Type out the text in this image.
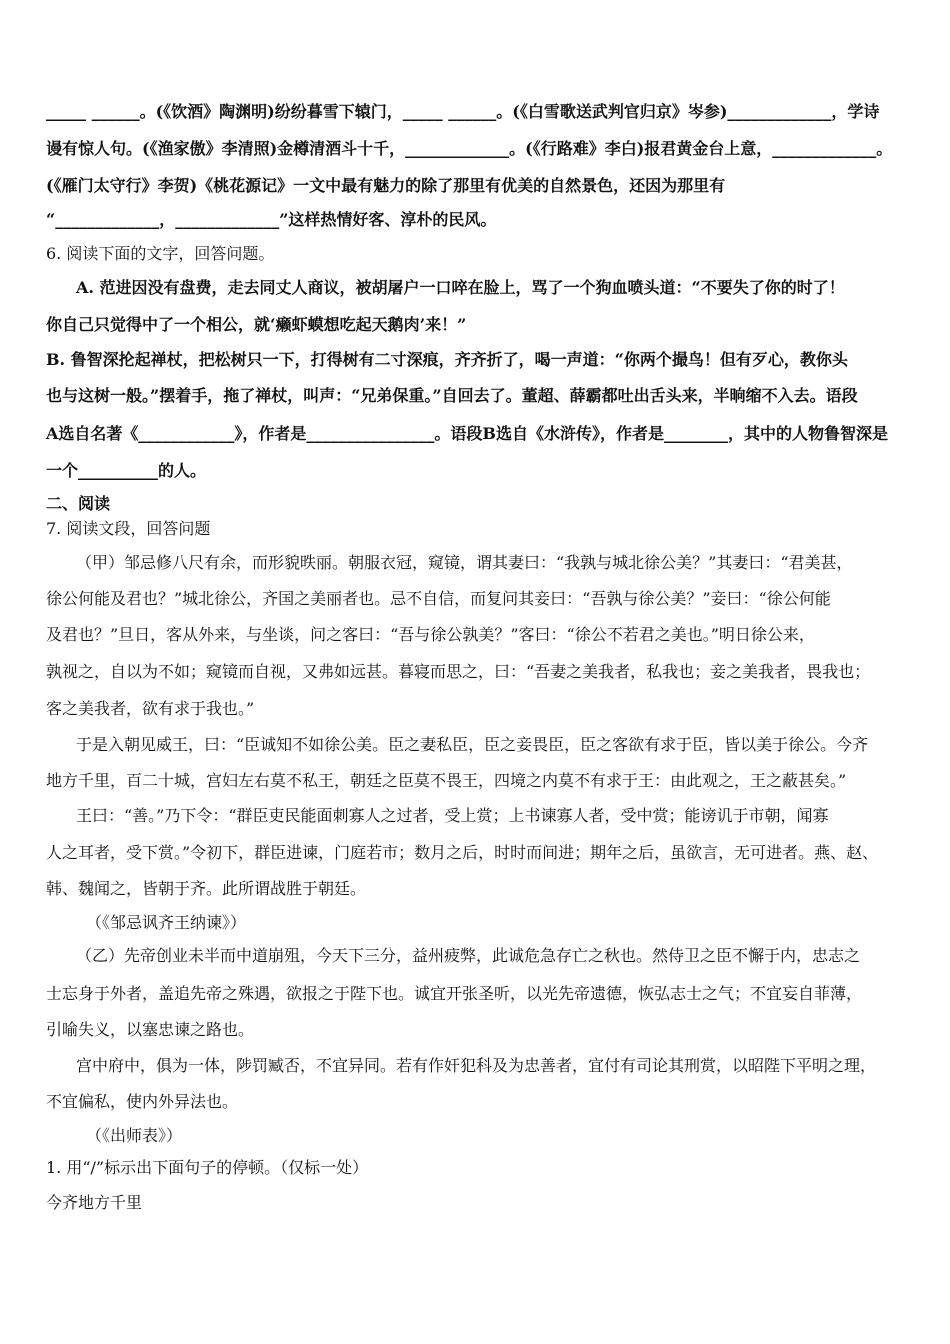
_____ ______。(《饮酒》陶渊明)纷纷暮雪下辕门，_____ ______。(《白雪歌送武判官归京》岑参)_____________，学诗
谩有惊人句。(《渔家傲》李清照)金樽清酒斗十千，_____________。(《行路难》李白)报君黄金台上意，_____________。
(《雁门太守行》李贺)《桃花源记》一文中最有魅力的除了那里有优美的自然景色，还因为那里有
“_____________，_____________”这样热情好客、淳朴的民风。
6. 阅读下面的文字，回答问题。
A. 范进因没有盘费，走去同丈人商议，被胡屠户一口啐在脸上，骂了一个狗血喷头道：“不要失了你的时了！
你自己只觉得中了一个相公，就‘癞虾蟆想吃起天鹅肉’来！”
B. 鲁智深抡起禅杖，把松树只一下，打得树有二寸深痕，齐齐折了，喝一声道：“你两个撮鸟！但有歹心，教你头
也与这树一般。”摆着手，拖了禅杖，叫声：“兄弟保重。”自回去了。董超、薛霸都吐出舌头来，半晌缩不入去。语段
A选自名著《____________》，作者是________________。语段B选自《水浒传》，作者是________，其中的人物鲁智深是
一个__________的人。
二、阅读
7. 阅读文段，回答问题
（甲）邹忌修八尺有余，而形貌昳丽。朝服衣冠，窥镜，谓其妻曰：“我孰与城北徐公美？”其妻曰：“君美甚，
徐公何能及君也？”城北徐公，齐国之美丽者也。忌不自信，而复问其妾曰：“吾孰与徐公美？”妾曰：“徐公何能
及君也？”旦日，客从外来，与坐谈，问之客曰：“吾与徐公孰美？”客曰：“徐公不若君之美也。”明日徐公来，
孰视之，自以为不如；窥镜而自视，又弗如远甚。暮寝而思之，曰：“吾妻之美我者，私我也；妾之美我者，畏我也；
客之美我者，欲有求于我也。”
于是入朝见威王，曰：“臣诚知不如徐公美。臣之妻私臣，臣之妾畏臣，臣之客欲有求于臣，皆以美于徐公。今齐
地方千里，百二十城，宫妇左右莫不私王，朝廷之臣莫不畏王，四境之内莫不有求于王：由此观之，王之蔽甚矣。”
王曰：“善。”乃下令：“群臣吏民能面刺寡人之过者，受上赏；上书谏寡人者，受中赏；能谤讥于市朝，闻寡
人之耳者，受下赏。”令初下，群臣进谏，门庭若市；数月之后，时时而间进；期年之后，虽欲言，无可进者。燕、赵、
韩、魏闻之，皆朝于齐。此所谓战胜于朝廷。
（《邹忌讽齐王纳谏》）
（乙）先帝创业未半而中道崩殂，今天下三分，益州疲弊，此诚危急存亡之秋也。然侍卫之臣不懈于内，忠志之
士忘身于外者，盖追先帝之殊遇，欲报之于陛下也。诚宜开张圣听，以光先帝遗德，恢弘志士之气；不宜妄自菲薄，
引喻失义，以塞忠谏之路也。
宫中府中，俱为一体，陟罚臧否，不宜异同。若有作奸犯科及为忠善者，宜付有司论其刑赏，以昭陛下平明之理，
不宜偏私，使内外异法也。
（《出师表》）
1. 用“/”标示出下面句子的停顿。（仅标一处）
今齐地方千里
